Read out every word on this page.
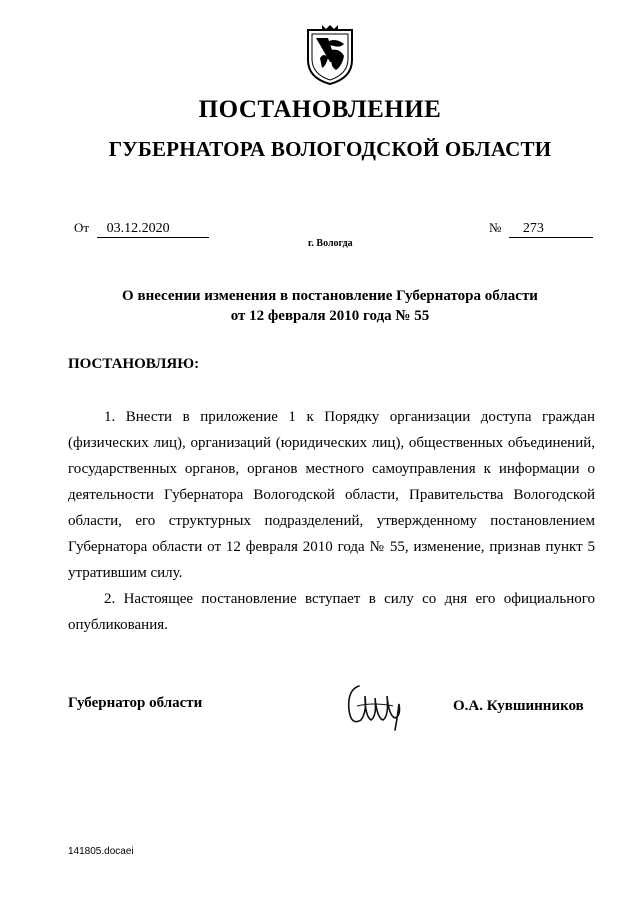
ПОСТАНОВЛЕНИЕ
ГУБЕРНАТОРА ВОЛОГОДСКОЙ ОБЛАСТИ
От 03.12.2020	№ 273
г. Вологда
О внесении изменения в постановление Губернатора области
от 12 февраля 2010 года № 55
ПОСТАНОВЛЯЮ:

1. Внести в приложение 1 к Порядку организации доступа граждан (физических лиц), организаций (юридических лиц), общественных объединений, государственных органов, органов местного самоуправления к информации о деятельности Губернатора Вологодской области, Правительства Вологодской области, его структурных подразделений, утвержденному постановлением Губернатора области от 12 февраля 2010 года № 55, изменение, признав пункт 5 утратившим силу.

2. Настоящее постановление вступает в силу со дня его официального опубликования.

Губернатор области	О.А. Кувшинников
141805.docaei
